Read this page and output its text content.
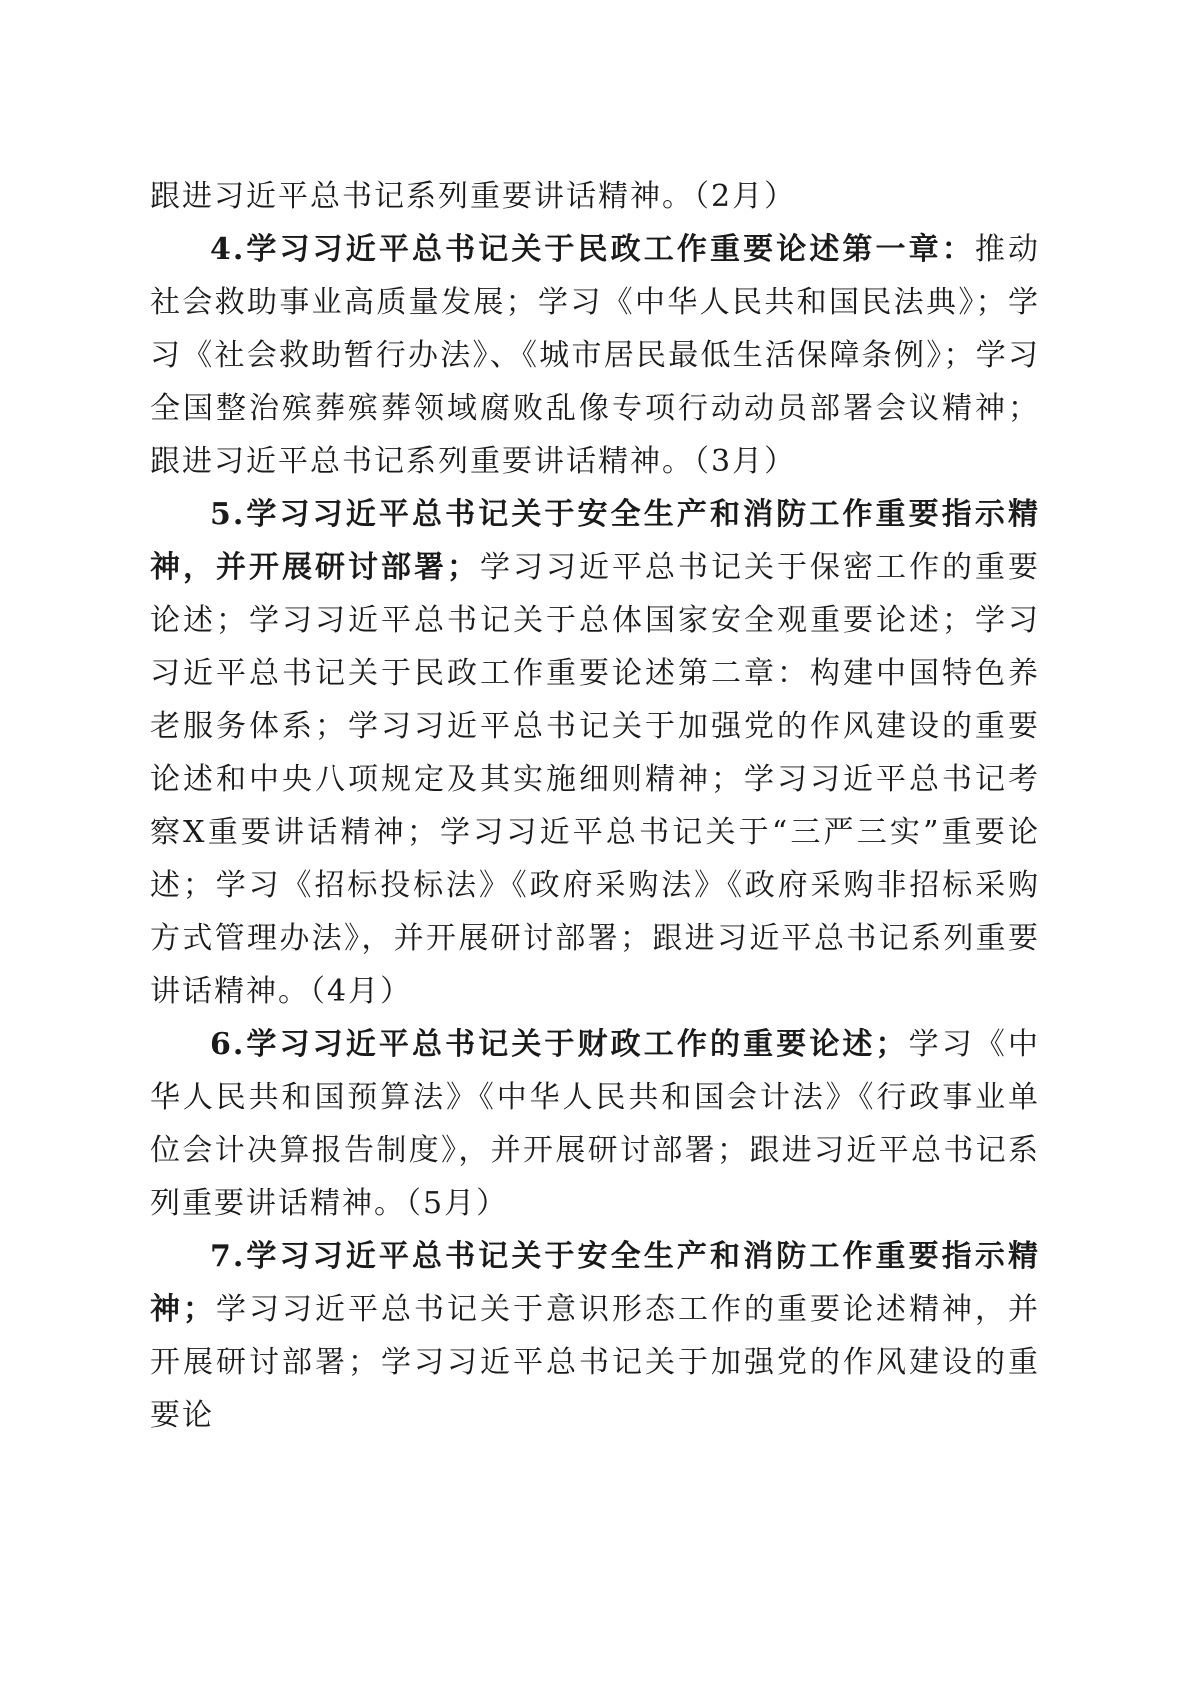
跟进习近平总书记系列重要讲话精神。（2月）

4.学习习近平总书记关于民政工作重要论述第一章：推动社会救助事业高质量发展；学习《中华人民共和国民法典》；学习《社会救助暂行办法》、《城市居民最低生活保障条例》；学习全国整治殡葬殡葬领域腐败乱像专项行动动员部署会议精神；跟进习近平总书记系列重要讲话精神。（3月）

5.学习习近平总书记关于安全生产和消防工作重要指示精神，并开展研讨部署；学习习近平总书记关于保密工作的重要论述；学习习近平总书记关于总体国家安全观重要论述；学习习近平总书记关于民政工作重要论述第二章：构建中国特色养老服务体系；学习习近平总书记关于加强党的作风建设的重要论述和中央八项规定及其实施细则精神；学习习近平总书记考察X重要讲话精神；学习习近平总书记关于“三严三实”重要论述；学习《招标投标法》《政府采购法》《政府采购非招标采购方式管理办法》，并开展研讨部署；跟进习近平总书记系列重要讲话精神。（4月）

6.学习习近平总书记关于财政工作的重要论述；学习《中华人民共和国预算法》《中华人民共和国会计法》《行政事业单位会计决算报告制度》，并开展研讨部署；跟进习近平总书记系列重要讲话精神。（5月）

7.学习习近平总书记关于安全生产和消防工作重要指示精神；学习习近平总书记关于意识形态工作的重要论述精神，并开展研讨部署；学习习近平总书记关于加强党的作风建设的重要论
